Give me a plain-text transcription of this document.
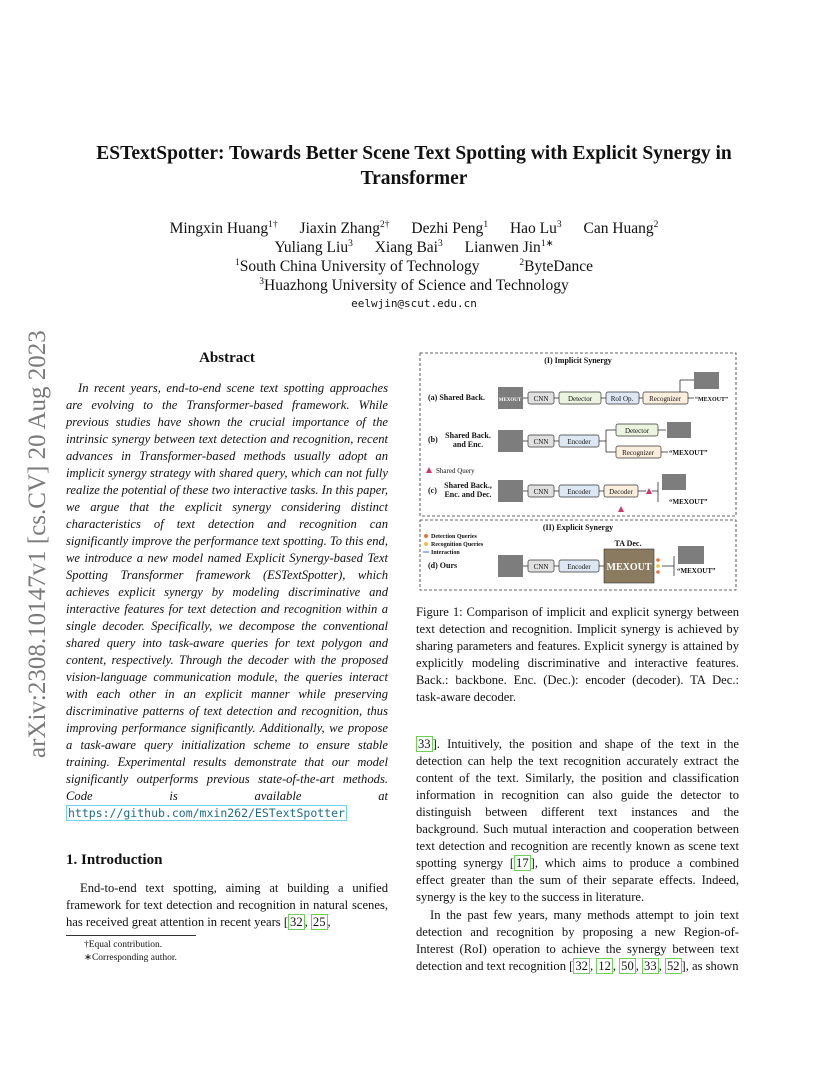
arXiv:2308.10147v1 [cs.CV] 20 Aug 2023
ESTextSpotter: Towards Better Scene Text Spotting with Explicit Synergy in
Transformer
Mingxin Huang$^{1\dagger}$ Jiaxin Zhang$^{2\dagger}$ Dezhi Peng$^1$ Hao Lu$^3$ Can Huang$^2$
Yuliang Liu$^3$ Xiang Bai$^3$ Lianwen Jin$^{1∗}$
$^1$South China University of Technology	$^2$ByteDance
$^3$Huazhong University of Science and Technology
eelwjin@scut.edu.cn
Abstract
In recent years, end-to-end scene text spotting approaches are evolving to the Transformer-based framework. While previous studies have shown the crucial importance of the intrinsic synergy between text detection and recognition, recent advances in Transformer-based methods usually adopt an implicit synergy strategy with shared query, which can not fully realize the potential of these two interactive tasks. In this paper, we argue that the explicit synergy considering distinct characteristics of text detection and recognition can significantly improve the performance text spotting. To this end, we introduce a new model named Explicit Synergy-based Text Spotting Transformer framework (ESTextSpotter), which achieves explicit synergy by modeling discriminative and interactive features for text detection and recognition within a single decoder. Specifically, we decompose the conventional shared query into task-aware queries for text polygon and content, respectively. Through the decoder with the proposed vision-language communication module, the queries interact with each other in an explicit manner while preserving discriminative patterns of text detection and recognition, thus improving performance significantly. Additionally, we propose a task-aware query initialization scheme to ensure stable training. Experimental results demonstrate that our model significantly outperforms previous state-of-the-art methods. Code is available at https://github.com/mxin262/ESTextSpotter
1. Introduction
End-to-end text spotting, aiming at building a unified framework for text detection and recognition in natural scenes, has received great attention in recent years [ 32 , 25 ,
†Equal contribution.
∗Corresponding author.
(I) Implicit Synergy
(a) Shared Back.	MEXOUT CNN	Detector	RoI Op. Recognizer “MEXOUT”
(b) Shared Back.
and Enc.	CNN	Encoder
Detector
Recognizer “MEXOUT”
Shared Query
(c)
Shared Back.,
Enc. and Dec.	CNN	Encoder	Decoder
“MEXOUT”
(II) Explicit Synergy
Detection Queries
Recognition Queries
Interaction
(d) Ours	CNN	Encoder
TA Dec.
MEXOUT	“MEXOUT”
Figure 1: Comparison of implicit and explicit synergy between text detection and recognition. Implicit synergy is achieved by sharing parameters and features. Explicit synergy is attained by explicitly modeling discriminative and interactive features. Back.: backbone. Enc. (Dec.): encoder (decoder). TA Dec.: task-aware decoder.

33 ]. Intuitively, the position and shape of the text in the detection can help the text recognition accurately extract the content of the text. Similarly, the position and classification information in recognition can also guide the detector to distinguish between different text instances and the background. Such mutual interaction and cooperation between text detection and recognition are recently known as scene text spotting synergy [ 17 ], which aims to produce a combined effect greater than the sum of their separate effects. Indeed, synergy is the key to the success in literature.

In the past few years, many methods attempt to join text detection and recognition by proposing a new Region-of-Interest (RoI) operation to achieve the synergy between text detection and text recognition [ 32 , 12 , 50 , 33 , 52 ], as shown
